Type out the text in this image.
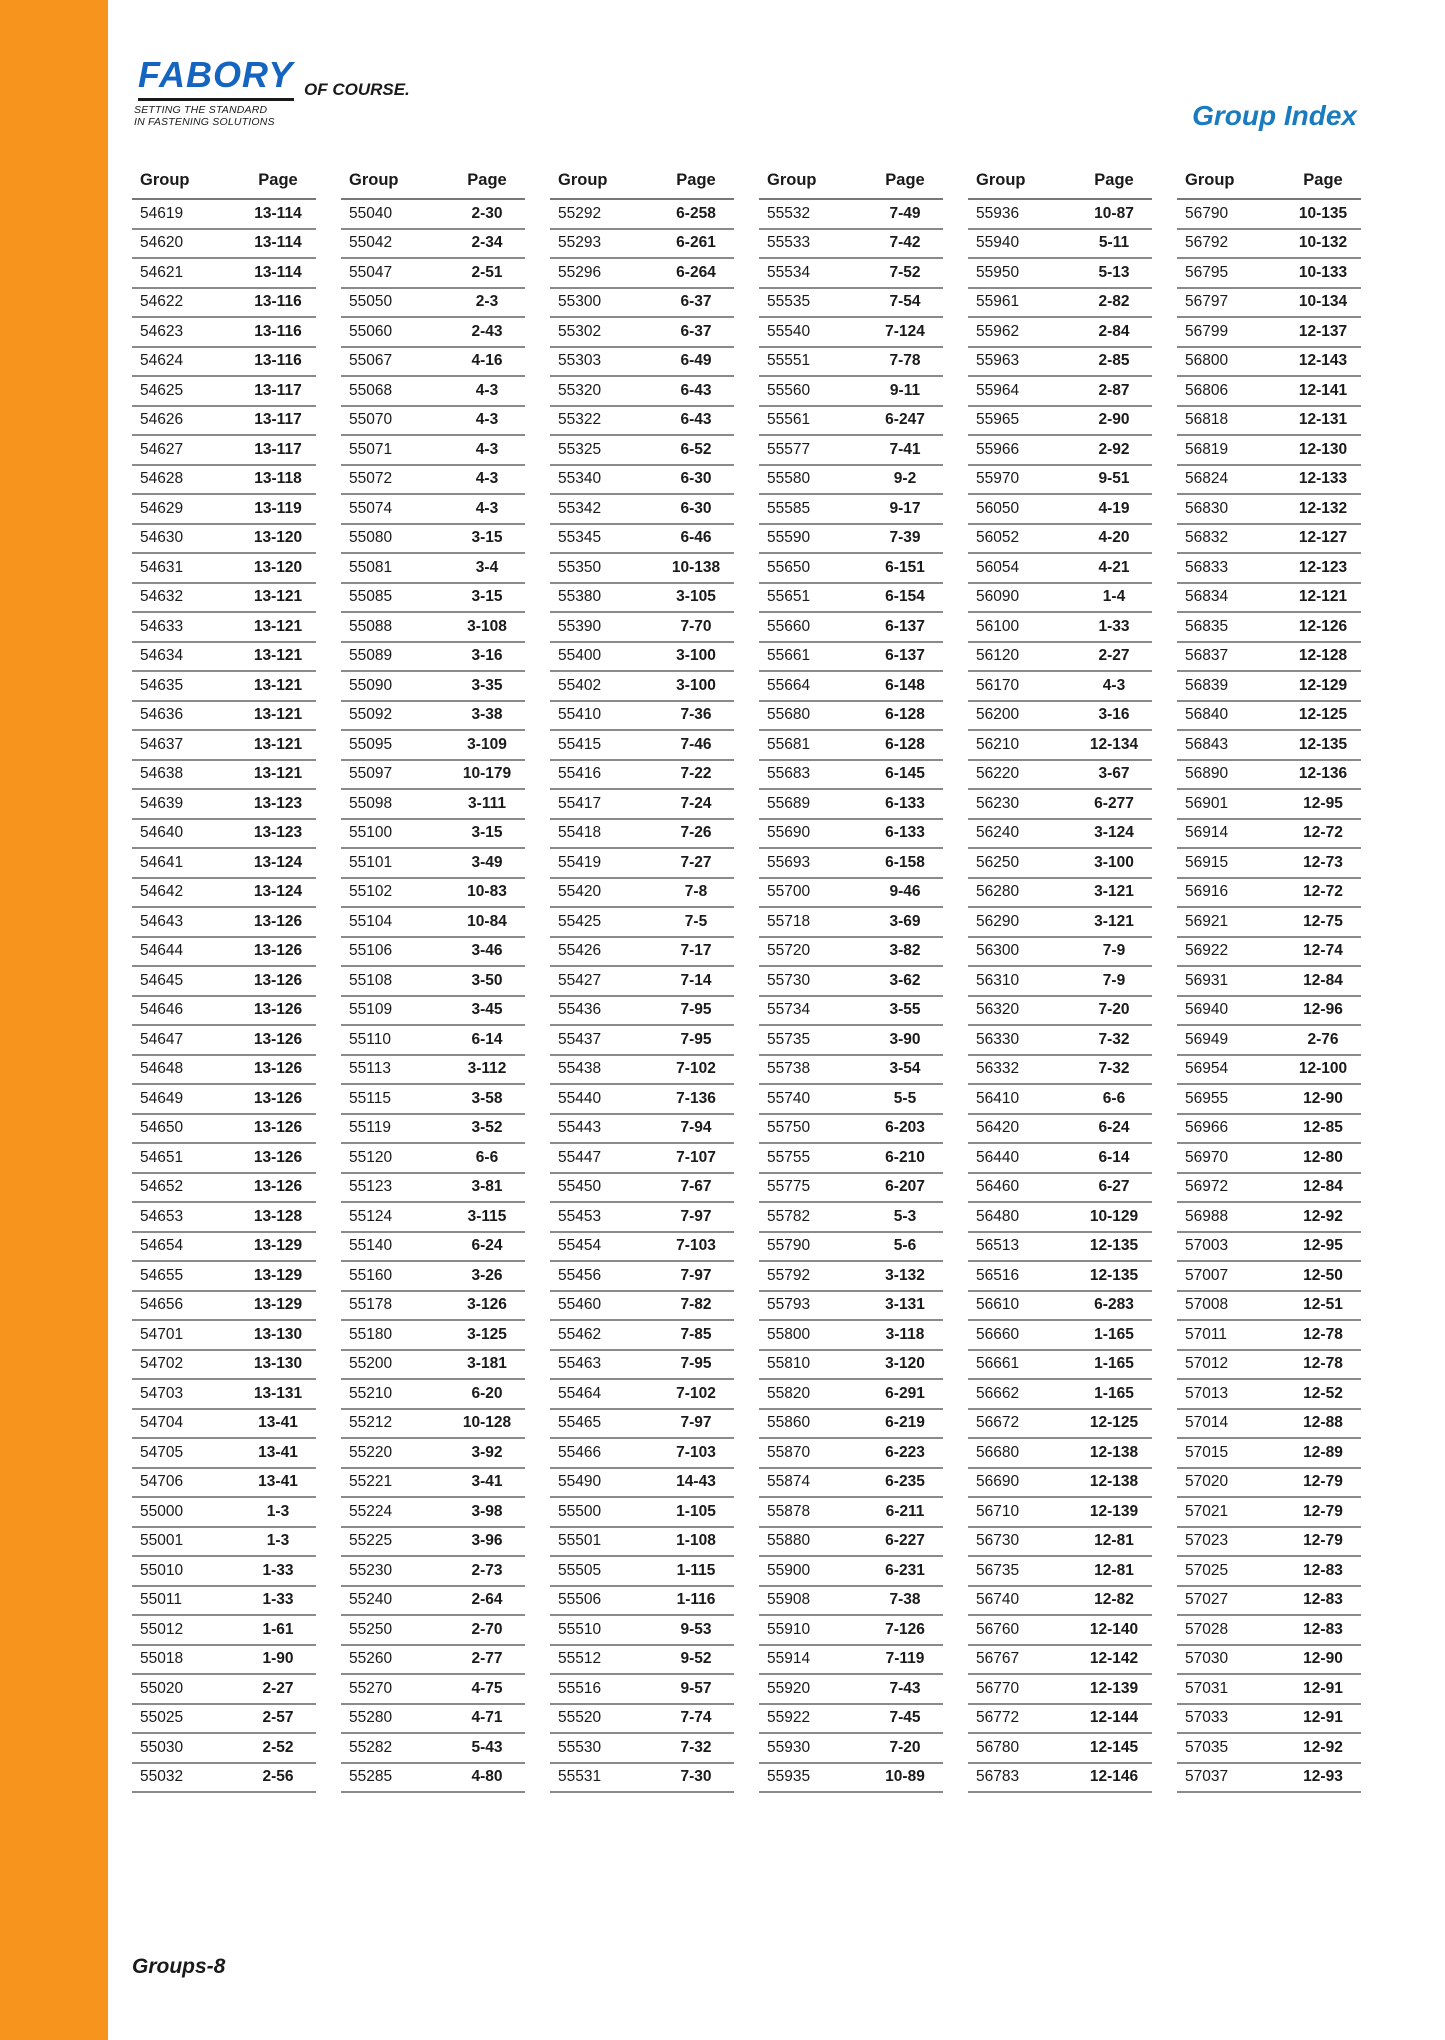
FABORY OF COURSE.
SETTING THE STANDARD
IN FASTENING SOLUTIONS	Group Index
Group	Page
54619	13-114
54620	13-114
54621	13-114
54622	13-116
54623	13-116
54624	13-116
54625	13-117
54626	13-117
54627	13-117
54628	13-118
54629	13-119
54630	13-120
54631	13-120
54632	13-121
54633	13-121
54634	13-121
54635	13-121
54636	13-121
54637	13-121
54638	13-121
54639	13-123
54640	13-123
54641	13-124
54642	13-124
54643	13-126
54644	13-126
54645	13-126
54646	13-126
54647	13-126
54648	13-126
54649	13-126
54650	13-126
54651	13-126
54652	13-126
54653	13-128
54654	13-129
54655	13-129
54656	13-129
54701	13-130
54702	13-130
54703	13-131
54704	13-41
54705	13-41
54706	13-41
55000	1-3
55001	1-3
55010	1-33
55011	1-33
55012	1-61
55018	1-90
55020	2-27
55025	2-57
55030	2-52
55032	2-56
Group	Page
55040	2-30
55042	2-34
55047	2-51
55050	2-3
55060	2-43
55067	4-16
55068	4-3
55070	4-3
55071	4-3
55072	4-3
55074	4-3
55080	3-15
55081	3-4
55085	3-15
55088	3-108
55089	3-16
55090	3-35
55092	3-38
55095	3-109
55097	10-179
55098	3-111
55100	3-15
55101	3-49
55102	10-83
55104	10-84
55106	3-46
55108	3-50
55109	3-45
55110	6-14
55113	3-112
55115	3-58
55119	3-52
55120	6-6
55123	3-81
55124	3-115
55140	6-24
55160	3-26
55178	3-126
55180	3-125
55200	3-181
55210	6-20
55212	10-128
55220	3-92
55221	3-41
55224	3-98
55225	3-96
55230	2-73
55240	2-64
55250	2-70
55260	2-77
55270	4-75
55280	4-71
55282	5-43
55285	4-80
Group	Page
55292	6-258
55293	6-261
55296	6-264
55300	6-37
55302	6-37
55303	6-49
55320	6-43
55322	6-43
55325	6-52
55340	6-30
55342	6-30
55345	6-46
55350	10-138
55380	3-105
55390	7-70
55400	3-100
55402	3-100
55410	7-36
55415	7-46
55416	7-22
55417	7-24
55418	7-26
55419	7-27
55420	7-8
55425	7-5
55426	7-17
55427	7-14
55436	7-95
55437	7-95
55438	7-102
55440	7-136
55443	7-94
55447	7-107
55450	7-67
55453	7-97
55454	7-103
55456	7-97
55460	7-82
55462	7-85
55463	7-95
55464	7-102
55465	7-97
55466	7-103
55490	14-43
55500	1-105
55501	1-108
55505	1-115
55506	1-116
55510	9-53
55512	9-52
55516	9-57
55520	7-74
55530	7-32
55531	7-30
Group	Page
55532	7-49
55533	7-42
55534	7-52
55535	7-54
55540	7-124
55551	7-78
55560	9-11
55561	6-247
55577	7-41
55580	9-2
55585	9-17
55590	7-39
55650	6-151
55651	6-154
55660	6-137
55661	6-137
55664	6-148
55680	6-128
55681	6-128
55683	6-145
55689	6-133
55690	6-133
55693	6-158
55700	9-46
55718	3-69
55720	3-82
55730	3-62
55734	3-55
55735	3-90
55738	3-54
55740	5-5
55750	6-203
55755	6-210
55775	6-207
55782	5-3
55790	5-6
55792	3-132
55793	3-131
55800	3-118
55810	3-120
55820	6-291
55860	6-219
55870	6-223
55874	6-235
55878	6-211
55880	6-227
55900	6-231
55908	7-38
55910	7-126
55914	7-119
55920	7-43
55922	7-45
55930	7-20
55935	10-89
Group	Page
55936	10-87
55940	5-11
55950	5-13
55961	2-82
55962	2-84
55963	2-85
55964	2-87
55965	2-90
55966	2-92
55970	9-51
56050	4-19
56052	4-20
56054	4-21
56090	1-4
56100	1-33
56120	2-27
56170	4-3
56200	3-16
56210	12-134
56220	3-67
56230	6-277
56240	3-124
56250	3-100
56280	3-121
56290	3-121
56300	7-9
56310	7-9
56320	7-20
56330	7-32
56332	7-32
56410	6-6
56420	6-24
56440	6-14
56460	6-27
56480	10-129
56513	12-135
56516	12-135
56610	6-283
56660	1-165
56661	1-165
56662	1-165
56672	12-125
56680	12-138
56690	12-138
56710	12-139
56730	12-81
56735	12-81
56740	12-82
56760	12-140
56767	12-142
56770	12-139
56772	12-144
56780	12-145
56783	12-146
Group	Page
56790	10-135
56792	10-132
56795	10-133
56797	10-134
56799	12-137
56800	12-143
56806	12-141
56818	12-131
56819	12-130
56824	12-133
56830	12-132
56832	12-127
56833	12-123
56834	12-121
56835	12-126
56837	12-128
56839	12-129
56840	12-125
56843	12-135
56890	12-136
56901	12-95
56914	12-72
56915	12-73
56916	12-72
56921	12-75
56922	12-74
56931	12-84
56940	12-96
56949	2-76
56954	12-100
56955	12-90
56966	12-85
56970	12-80
56972	12-84
56988	12-92
57003	12-95
57007	12-50
57008	12-51
57011	12-78
57012	12-78
57013	12-52
57014	12-88
57015	12-89
57020	12-79
57021	12-79
57023	12-79
57025	12-83
57027	12-83
57028	12-83
57030	12-90
57031	12-91
57033	12-91
57035	12-92
57037	12-93
Groups-8
